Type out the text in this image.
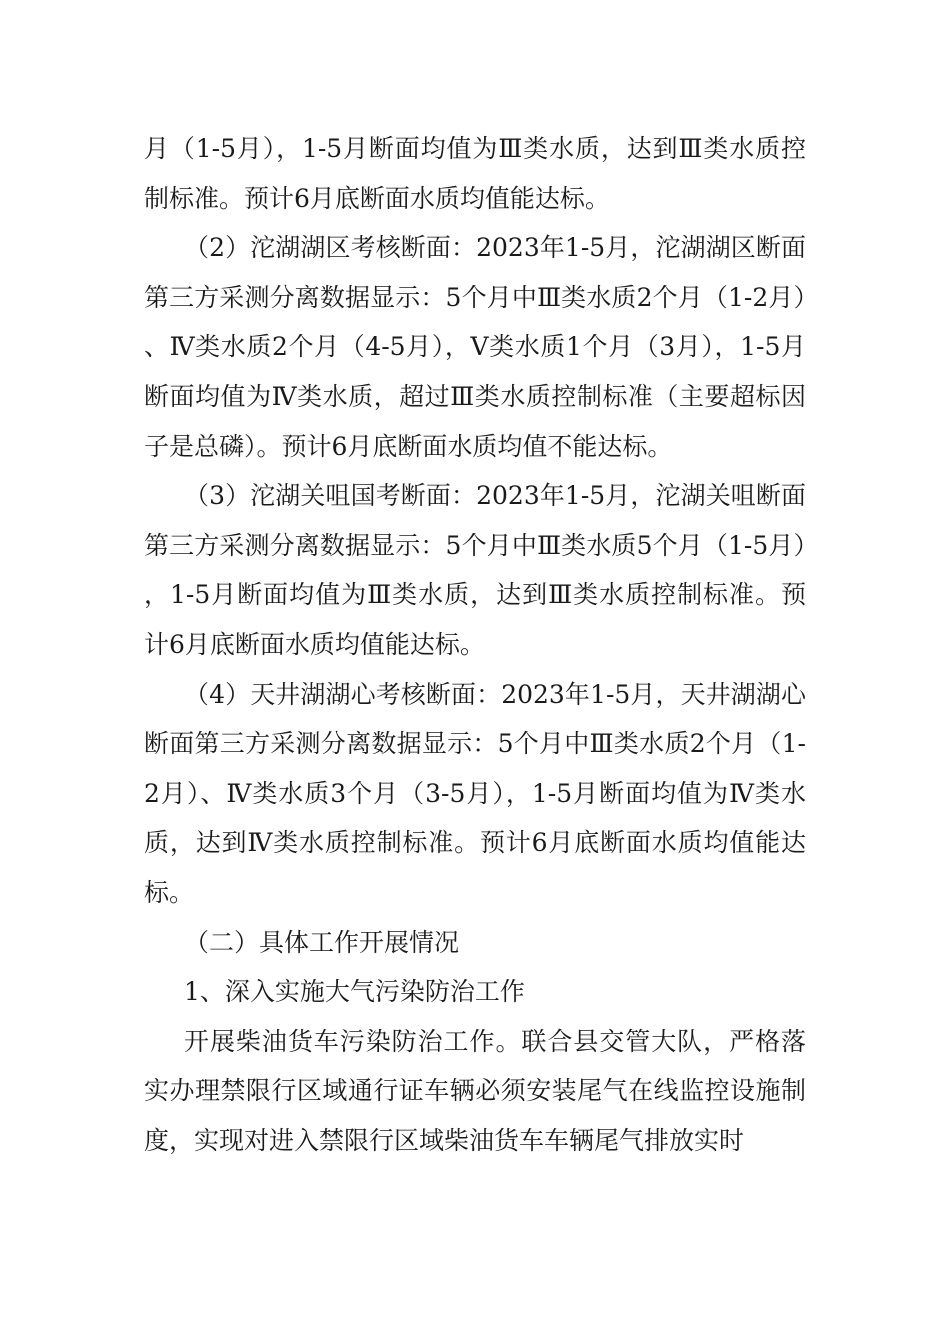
月（1-5月），1-5月断面均值为Ⅲ类水质，达到Ⅲ类水质控制标准。预计6月底断面水质均值能达标。

（2）沱湖湖区考核断面：2023年1-5月，沱湖湖区断面第三方采测分离数据显示：5个月中Ⅲ类水质2个月（1-2月）、Ⅳ类水质2个月（4-5月），Ⅴ类水质1个月（3月），1-5月断面均值为Ⅳ类水质，超过Ⅲ类水质控制标准（主要超标因子是总磷）。预计6月底断面水质均值不能达标。

（3）沱湖关咀国考断面：2023年1-5月，沱湖关咀断面第三方采测分离数据显示：5个月中Ⅲ类水质5个月（1-5月），1-5月断面均值为Ⅲ类水质，达到Ⅲ类水质控制标准。预计6月底断面水质均值能达标。

（4）天井湖湖心考核断面：2023年1-5月，天井湖湖心断面第三方采测分离数据显示：5个月中Ⅲ类水质2个月（1-2月）、Ⅳ类水质3个月（3-5月），1-5月断面均值为Ⅳ类水质，达到Ⅳ类水质控制标准。预计6月底断面水质均值能达标。

（二）具体工作开展情况

1、深入实施大气污染防治工作

开展柴油货车污染防治工作。联合县交管大队，严格落实办理禁限行区域通行证车辆必须安装尾气在线监控设施制度，实现对进入禁限行区域柴油货车车辆尾气排放实时
